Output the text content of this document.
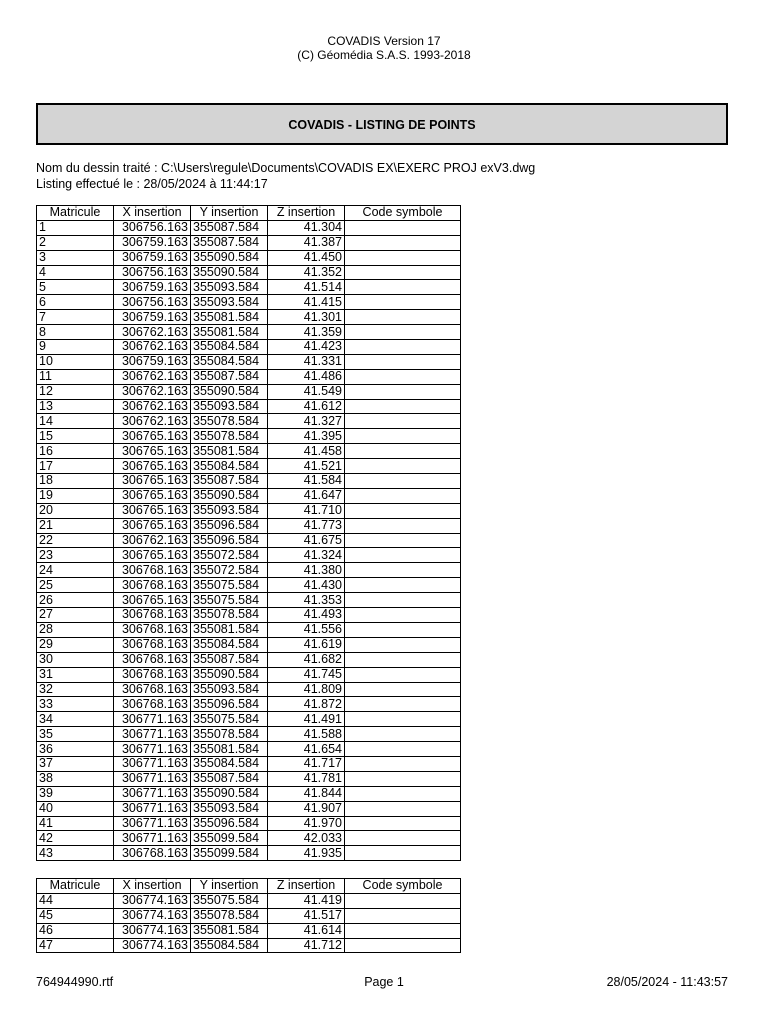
COVADIS Version 17
(C) Géomédia S.A.S. 1993-2018
COVADIS - LISTING DE POINTS
Nom du dessin traité : C:\Users\regule\Documents\COVADIS EX\EXERC PROJ exV3.dwg
Listing effectué le : 28/05/2024 à 11:44:17
Matricule	X insertion	Y insertion	Z insertion	Code symbole
1	306756.163	355087.584	41.304	
2	306759.163	355087.584	41.387	
3	306759.163	355090.584	41.450	
4	306756.163	355090.584	41.352	
5	306759.163	355093.584	41.514	
6	306756.163	355093.584	41.415	
7	306759.163	355081.584	41.301	
8	306762.163	355081.584	41.359	
9	306762.163	355084.584	41.423	
10	306759.163	355084.584	41.331	
11	306762.163	355087.584	41.486	
12	306762.163	355090.584	41.549	
13	306762.163	355093.584	41.612	
14	306762.163	355078.584	41.327	
15	306765.163	355078.584	41.395	
16	306765.163	355081.584	41.458	
17	306765.163	355084.584	41.521	
18	306765.163	355087.584	41.584	
19	306765.163	355090.584	41.647	
20	306765.163	355093.584	41.710	
21	306765.163	355096.584	41.773	
22	306762.163	355096.584	41.675	
23	306765.163	355072.584	41.324	
24	306768.163	355072.584	41.380	
25	306768.163	355075.584	41.430	
26	306765.163	355075.584	41.353	
27	306768.163	355078.584	41.493	
28	306768.163	355081.584	41.556	
29	306768.163	355084.584	41.619	
30	306768.163	355087.584	41.682	
31	306768.163	355090.584	41.745	
32	306768.163	355093.584	41.809	
33	306768.163	355096.584	41.872	
34	306771.163	355075.584	41.491	
35	306771.163	355078.584	41.588	
36	306771.163	355081.584	41.654	
37	306771.163	355084.584	41.717	
38	306771.163	355087.584	41.781	
39	306771.163	355090.584	41.844	
40	306771.163	355093.584	41.907	
41	306771.163	355096.584	41.970	
42	306771.163	355099.584	42.033	
43	306768.163	355099.584	41.935	
Matricule	X insertion	Y insertion	Z insertion	Code symbole
44	306774.163	355075.584	41.419	
45	306774.163	355078.584	41.517	
46	306774.163	355081.584	41.614	
47	306774.163	355084.584	41.712	
764944990.rtf	Page 1	28/05/2024 - 11:43:57
